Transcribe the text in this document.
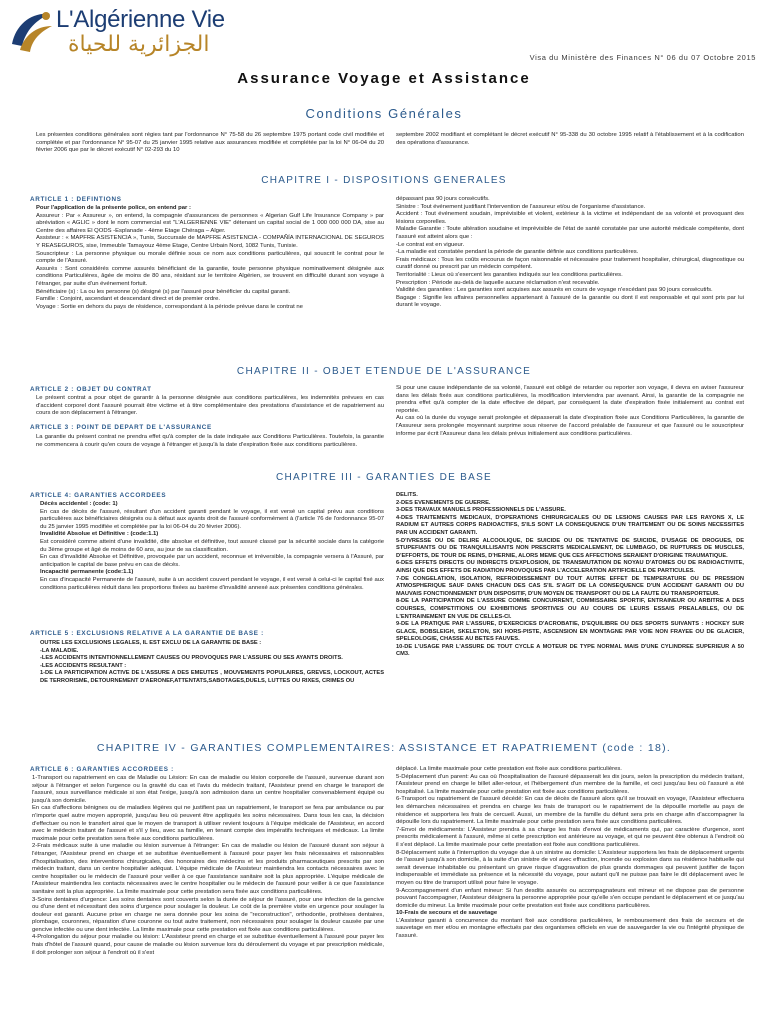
L'Algérienne Vie
الجزائرية للحياة
Visa du Ministère des Finances N° 06 du 07 Octobre 2015
Assurance Voyage et Assistance
Conditions Générales

Les présentes conditions générales sont régies tant par l'ordonnance N° 75-58 du 26 septembre 1975 portant code civil modifiée et complétée et par l'ordonnance N° 95-07 du 25 janvier 1995 relative aux assurances modifiée et complétée par la loi N° 06-04 du 20 février 2006 que par le décret exécutif N° 02-293 du 10

septembre 2002 modifiant et complétant le décret exécutif N° 95-338 du 30 octobre 1995 relatif à l'établissement et à la codification des opérations d'assurance.

CHAPITRE I - DISPOSITIONS GENERALES
ARTICLE 1 : DEFINTIONS

Pour l'application de la présente police, on entend par :

Assureur : Par « Assureur », on entend, la compagnie d'assurances de personnes « Algerian Gulf Life Insurance Company » par abréviation « AGLIC » dont le nom commercial est "L'ALGERIENNE VIE" détenant un capital social de 1 000 000 000 DA, sise au Centre des affaires El QODS -Esplanade - 4ème Etage Chéraga – Alger.

Assisteur : « MAPFRE ASISTENCIA », Tunis, Succursale de MAPFRE ASISTENCIA - COMPAÑÍA INTERNACIONAL DE SEGUROS Y REASEGUROS, sise, Immeuble Tamayouz 4ème Etage, Centre Urbain Nord, 1082 Tunis, Tunisie.

Souscripteur : La personne physique ou morale définie sous ce nom aux conditions particulières, qui souscrit le contrat pour le compte de l'Assuré.

Assurés : Sont considérés comme assurés bénéficiant de la garantie, toute personne physique nominativement désignée aux conditions Particulières, âgée de moins de 80 ans, résidant sur le territoire Algérien, se trouvent en difficulté durant son voyage à l'étranger, par suite d'un événement fortuit.

Bénéficiaire (s) : La ou les personne (s) désigné (s) par l'assuré pour bénéficier du capital garanti.

Famille : Conjoint, ascendant et descendant direct et de premier ordre.

Voyage : Sortie en dehors du pays de résidence, correspondant à la période prévue dans le contrat ne

dépassant pas 90 jours consécutifs.

Sinistre : Tout événement justifiant l'intervention de l'assureur et/ou de l'organisme d'assistance.

Accident : Tout événement soudain, imprévisible et violent, extérieur à la victime et indépendant de sa volonté et provoquant des lésions corporelles.

Maladie Garantie : Toute altération soudaine et imprévisible de l'état de santé constatée par une autorité médicale compétente, dont l'assuré est atteint alors que :

-Le contrat est en vigueur.

-La maladie est constatée pendant la période de garantie définie aux conditions particulières.

Frais médicaux : Tous les coûts encourus de façon raisonnable et nécessaire pour traitement hospitalier, chirurgical, diagnostique ou curatif donné ou prescrit par un médecin compétent.

Territorialité : Lieux où s'exercent les garanties indiqués sur les conditions particulières.

Prescription : Période au-delà de laquelle aucune réclamation n'est recevable.

Validité des garanties : Les garanties sont acquises aux assurés en cours de voyage n'excédant pas 90 jours consécutifs.

Bagage : Signifie les affaires personnelles appartenant à l'assuré de la garantie ou dont il est responsable et qui sont pris par lui durant le voyage.

CHAPITRE II - OBJET ETENDUE DE L'ASSURANCE
ARTICLE 2 : OBJET DU CONTRAT

Le présent contrat a pour objet de garantir à la personne désignée aux conditions particulières, les indemnités prévues en cas d'accident corporel dont l'assuré pourrait être victime et à titre complémentaire des prestations d'assistance et de rapatriement au cours de son déplacement à l'étranger.

ARTICLE 3 : POINT DE DEPART DE L'ASSURANCE

La garantie du présent contrat ne prendra effet qu'à compter de la date indiquée aux Conditions Particulières. Toutefois, la garantie ne commencera à courir qu'en cours de voyage à l'étranger et jusqu'à la date d'expiration fixée aux conditions particulières.

Si pour une cause indépendante de sa volonté, l'assuré est obligé de retarder ou reporter son voyage, il devra en aviser l'assureur dans les délais fixés aux conditions particulières, la modification interviendra par avenant. Ainsi, la garantie de la compagnie ne prendra effet qu'à compter de la date effective de départ, par conséquent la date d'expiration fixée initialement au contrat est reportée.

Au cas où la durée du voyage serait prolongée et dépasserait la date d'expiration fixée aux Conditions Particulières, la garantie de l'Assureur sera prolongée moyennant surprime sous réserve de l'accord préalable de l'assureur et que l'assuré ou le souscripteur informe par écrit l'Assureur dans les délais prévus initialement aux conditions particulières.

CHAPITRE III - GARANTIES DE BASE
ARTICLE 4: GARANTIES ACCORDEES

Décès accidentel : (code: 1)

En cas de décès de l'assuré, résultant d'un accident garanti pendant le voyage, il est versé un capital prévu aux conditions particulières aux bénéficiaires désignés ou à défaut aux ayants droit de l'assuré conformément à (l'article 76 de l'ordonnance 95-07 du 25 janvier 1995 modifiée et complétée par la loi 06-04 du 20 février 2006).

Invalidité Absolue et Définitive : (code:1.1)

Est considéré comme atteint d'une invalidité, dite absolue et définitive, tout assuré classé par la sécurité sociale dans la catégorie du 3ème groupe et âgé de moins de 60 ans, au jour de sa classification.

En cas d'invalidité Absolue et Définitive, provoquée par un accident, reconnue et irréversible, la compagnie versera à l'Assuré, par anticipation le capital de base prévu en cas de décès.

Incapacité permanente (code:1.1)

En cas d'incapacité Permanente de l'assuré, suite à un accident couvert pendant le voyage, il est versé à celui-ci le capital fixé aux conditions particulières réduit dans les proportions fixées au barème d'invalidité annexé aux présentes conditions générales.

ARTICLE 5 : EXCLUSIONS RELATIVE A LA GARANTIE DE BASE :

OUTRE LES EXCLUSIONS LEGALES, IL EST EXCLU DE LA GARANTIE DE BASE :

-LA MALADIE.

-LES ACCIDENTS INTENTIONNELLEMENT CAUSES OU PROVOQUES PAR L'ASSURE OU SES AYANTS DROITS.

-LES ACCIDENTS RESULTANT :

1-DE LA PARTICIPATION ACTIVE DE L'ASSURE A DES EMEUTES , MOUVEMENTS POPULAIRES, GREVES, LOCKOUT, ACTES DE TERRORISME, DETOURNEMENT D'AERONEF,ATTENTATS,SABOTAGES,DUELS, LUTTES OU RIXES, CRIMES OU

DELITS.

2-DES EVENEMENTS DE GUERRE.

3-DES TRAVAUX MANUELS PROFESSIONNELS DE L'ASSURE.

4-DES TRAITEMENTS MEDICAUX, D'OPERATIONS CHIRURGICALES OU DE LESIONS CAUSES PAR LES RAYONS X, LE RADIUM ET AUTRES CORPS RADIOACTIFS, S'ILS SONT LA CONSEQUENCE D'UN TRAITEMENT OU DE SOINS NECESSITES PAR UN ACCIDENT GARANTI.

5-D'IVRESSE OU DE DELIRE ALCOOLIQUE, DE SUICIDE OU DE TENTATIVE DE SUICIDE, D'USAGE DE DROGUES, DE STUPEFIANTS OU DE TRANQUILLISANTS NON PRESCRITS MEDICALEMENT, DE LUMBAGO, DE RUPTURES DE MUSCLES, D'EFFORTS, DE TOUR DE REINS, D'HERNIE, ALORS MEME QUE CES AFFECTIONS SERAIENT D'ORIGINE TRAUMATIQUE.

6-DES EFFETS DIRECTS OU INDIRECTS D'EXPLOSION, DE TRANSMUTATION DE NOYAU D'ATOMES OU DE RADIOACTIVITE, AINSI QUE DES EFFETS DE RADIATION PROVOQUES PAR L'ACCELERATION ARTIFICIELLE DE PARTICULES.

7-DE CONGELATION, ISOLATION, REFROIDISSEMENT DU TOUT AUTRE EFFET DE TEMPERATURE OU DE PRESSION ATMOSPHERIQUE SAUF DANS CHACUN DES CAS S'IL S'AGIT DE LA CONSEQUENCE D'UN ACCIDENT GARANTI OU DU MAUVAIS FONCTIONNEMENT D'UN DISPOSITIF, D'UN MOYEN DE TRANSPORT OU DE LA FAUTE DU TRANSPORTEUR.

8-DE LA PARTICIPATION DE L'ASSURE COMME CONCURRENT, COMMISSAIRE SPORTIF, ENTRAINEUR OU ARBITRE A DES COURSES, COMPETITIONS OU EXHIBITIONS SPORTIVES OU AU COURS DE LEURS ESSAIS PREALABLES, OU DE L'ENTRAINEMENT EN VUE DE CELLES-CI.

9-DE LA PRATIQUE PAR L'ASSURE, D'EXERCICES D'ACROBATIE, D'EQUILIBRE OU DES SPORTS SUIVANTS : HOCKEY SUR GLACE, BOBSLEIGH, SKELETON, SKI HORS-PISTE, ASCENSION EN MONTAGNE PAR VOIE NON FRAYEE OU DE GLACIER, SPELEOLOGIE, CHASSE AU BETES FAUVES.

10-DE L'USAGE PAR L'ASSURE DE TOUT CYCLE A MOTEUR DE TYPE NORMAL MAIS D'UNE CYLINDREE SUPERIEUR A 50 CM3.

CHAPITRE IV - GARANTIES COMPLEMENTAIRES: ASSISTANCE ET RAPATRIEMENT (code : 18).
ARTICLE 6 : GARANTIES ACCORDEES :

1-Transport ou rapatriement en cas de Maladie ou Lésion: En cas de maladie ou lésion corporelle de l'assuré, survenue durant son séjour à l'étranger et selon l'urgence ou la gravité du cas et l'avis du médecin traitant, l'Assisteur prend en charge le transport de l'assuré, sous surveillance médicale si son état l'exige, jusqu'à son admission dans un centre hospitalier convenablement équipé ou jusqu'à son domicile.

En cas d'affections bénignes ou de maladies légères qui ne justifient pas un rapatriement, le transport se fera par ambulance ou par n'importe quel autre moyen approprié, jusqu'au lieu où peuvent être appliqués les soins nécessaires. Dans tous les cas, la décision d'effectuer ou non le transfert ainsi que le moyen de transport à utiliser revient toujours à l'équipe médicale de l'Assisteur, en accord avec le médecin traitant de l'assuré et s'il y lieu, avec sa famille, en tenant compte des impératifs techniques et médicaux. La limite maximale pour cette prestation sera fixée aux conditions particulières.

2-Frais médicaux suite à une maladie ou lésion survenue à l'étranger: En cas de maladie ou lésion de l'assuré durant son séjour à l'étranger, l'Assisteur prend en charge et se substitue éventuellement à l'assuré pour payer les frais nécessaires et raisonnables d'hospitalisation, des interventions chirurgicales, des honoraires des médecins et les produits pharmaceutiques prescrits par son médecin traitant, dans un centre hospitalier adéquat. L'équipe médicale de l'Assisteur maintiendra les contacts nécessaires avec le centre hospitalier ou le médecin de l'assuré pour veiller à ce que l'assistance sanitaire soit la plus appropriée. L'équipe médicale de l'Assisteur maintiendra les contacts nécessaires avec le centre hospitalier ou le médecin de l'assuré pour veiller à ce que l'assistance sanitaire soit la plus appropriée. La limite maximale pour cette prestation sera fixée aux conditions particulières.

3-Soins dentaires d'urgence: Les soins dentaires sont couverts selon la durée de séjour de l'assuré, pour une infection de la gencive ou d'une dent et nécessitant des soins d'urgence pour soulager la douleur. Le coût de la première visite en urgence pour soulager la douleur est garanti. Aucune prise en charge ne sera donnée pour les soins de "reconstruction", orthodontie, prothèses dentaires, plombage, couronnes, réparation d'une couronne ou tout autre traitement, non nécessaires pour soulager la douleur causée par une gencive infectée ou une dent infectée. La limite maximale pour cette prestation est fixée aux conditions particulières.

4-Prolongation du séjour pour maladie ou lésion: L'Assisteur prend en charge et se substitue éventuellement à l'assuré pour payer les frais d'hôtel de l'assuré quand, pour cause de maladie ou lésion survenue lors du déroulement du voyage et par prescription médicale, il doit prolonger son séjour à l'endroit où il s'est

déplacé. La limite maximale pour cette prestation est fixée aux conditions particulières.

5-Déplacement d'un parent: Au cas où l'hospitalisation de l'assuré dépasserait les dix jours, selon la prescription du médecin traitant, l'Assisteur prend en charge le billet aller-retour, et l'hébergement d'un membre de la famille, et ceci jusqu'au lieu où l'assuré a été hospitalisé. La limite maximale pour cette prestation est fixée aux conditions particulières.

6-Transport ou rapatriement de l'assuré décédé: En cas de décès de l'assuré alors qu'il se trouvait en voyage, l'Assisteur effectuera les démarches nécessaires et prendra en charge les frais de transport ou le rapatriement de la dépouille mortelle au pays de résidence et supportera les frais de cercueil. Aussi, un membre de la famille du défunt sera pris en charge afin d'accompagner la dépouille lors du rapatriement. La limite maximale pour cette prestation sera fixée aux conditions particulières.

7-Envoi de médicaments: L'Assisteur prendra à sa charge les frais d'envoi de médicaments qui, par caractère d'urgence, sont prescrits médicalement à l'assuré, même si cette prescription est antérieure au voyage, et qui ne peuvent être obtenus à l'endroit où il s'est déplacé. La limite maximale pour cette prestation est fixée aux conditions particulières.

8-Déplacement suite à l'interruption du voyage due à un sinistre au domicile: L'Assisteur supportera les frais de déplacement urgents de l'assuré jusqu'à son domicile, à la suite d'un sinistre de vol avec effraction, incendie ou explosion dans sa résidence habituelle qui serait devenue inhabitable ou présentant un grave risque d'aggravation de plus grands dommages qui peuvent justifier de façon indispensable et immédiate sa présence et la nécessité du voyage, pour autant qu'il ne puisse pas faire le dit déplacement avec le moyen ou titre de transport utilisé pour faire le voyage.

9-Accompagnement d'un enfant mineur: Si l'un desdits assurés ou accompagnateurs est mineur et ne dispose pas de personne pouvant l'accompagner, l'Assisteur désignera la personne appropriée pour qu'elle s'en occupe pendant le déplacement et ce jusqu'au domicile du mineur. La limite maximale pour cette prestation est fixée aux conditions particulières.

10-Frais de secours et de sauvetage

L'Assisteur garanti à concurrence du montant fixé aux conditions particulières, le remboursement des frais de secours et de sauvetage en mer et/ou en montagne effectués par des organismes officiels en vue de sauvegarder la vie ou l'intégrité physique de l'assuré.
